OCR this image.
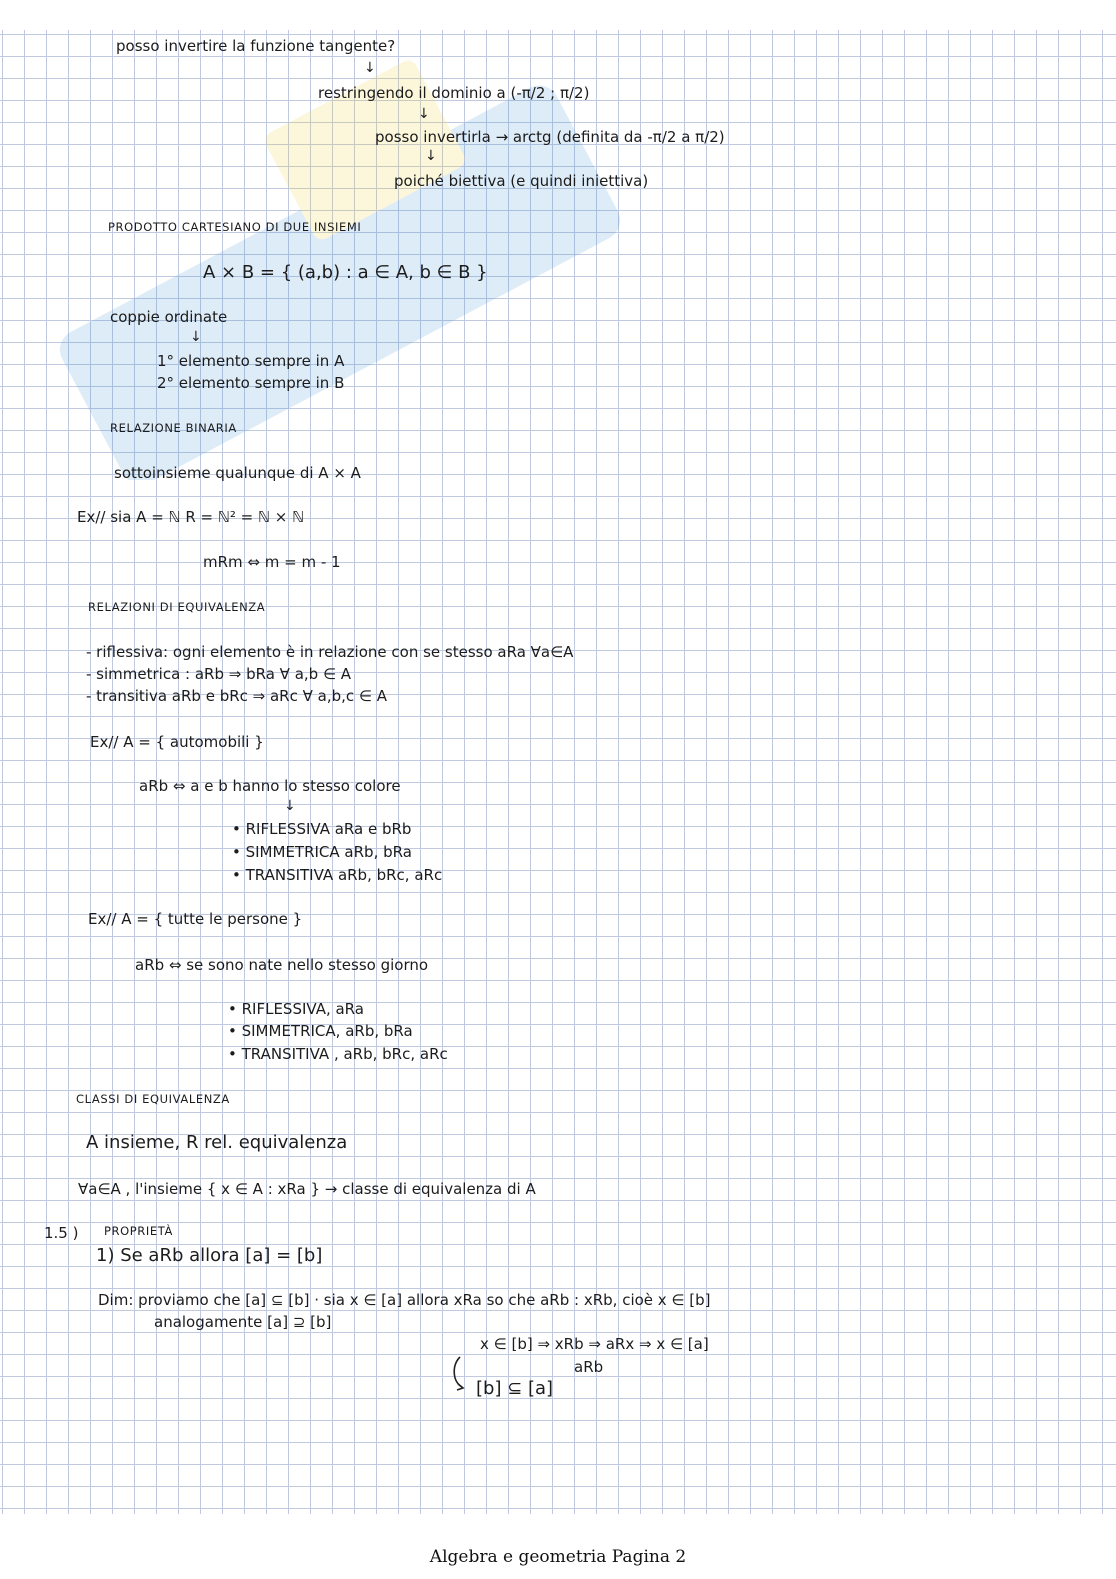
posso invertire la funzione tangente?
↓
restringendo il dominio a (-π/2 ; π/2)
↓
posso invertirla → arctg (definita da -π/2 a π/2)
↓
poiché biettiva (e quindi iniettiva)
PRODOTTO CARTESIANO DI DUE INSIEMI
A × B = { (a,b) : a ∈ A, b ∈ B }
coppie ordinate
↓
1° elemento sempre in A
2° elemento sempre in B
RELAZIONE BINARIA
sottoinsieme qualunque di A × A
Ex// sia A = ℕ R = ℕ² = ℕ × ℕ
mRm ⇔ m = m - 1
RELAZIONI DI EQUIVALENZA
- riflessiva: ogni elemento è in relazione con se stesso aRa ∀a∈A
- simmetrica : aRb ⇒ bRa ∀ a,b ∈ A
- transitiva aRb e bRc ⇒ aRc ∀ a,b,c ∈ A
Ex// A = { automobili }
aRb ⇔ a e b hanno lo stesso colore
↓
• RIFLESSIVA aRa e bRb
• SIMMETRICA aRb, bRa
• TRANSITIVA aRb, bRc, aRc
Ex// A = { tutte le persone }
aRb ⇔ se sono nate nello stesso giorno
• RIFLESSIVA, aRa
• SIMMETRICA, aRb, bRa
• TRANSITIVA , aRb, bRc, aRc
CLASSI DI EQUIVALENZA
A insieme, R rel. equivalenza
∀a∈A , l'insieme { x ∈ A : xRa } → classe di equivalenza di A
1.5 ) PROPRIETÀ
1) Se aRb allora [a] = [b]
Dim: proviamo che [a] ⊆ [b] · sia x ∈ [a] allora xRa so che aRb : xRb, cioè x ∈ [b]
analogamente [a] ⊇ [b]
x ∈ [b] ⇒ xRb ⇒ aRx ⇒ x ∈ [a]
aRb
[b] ⊆ [a]
Algebra e geometria Pagina 2
